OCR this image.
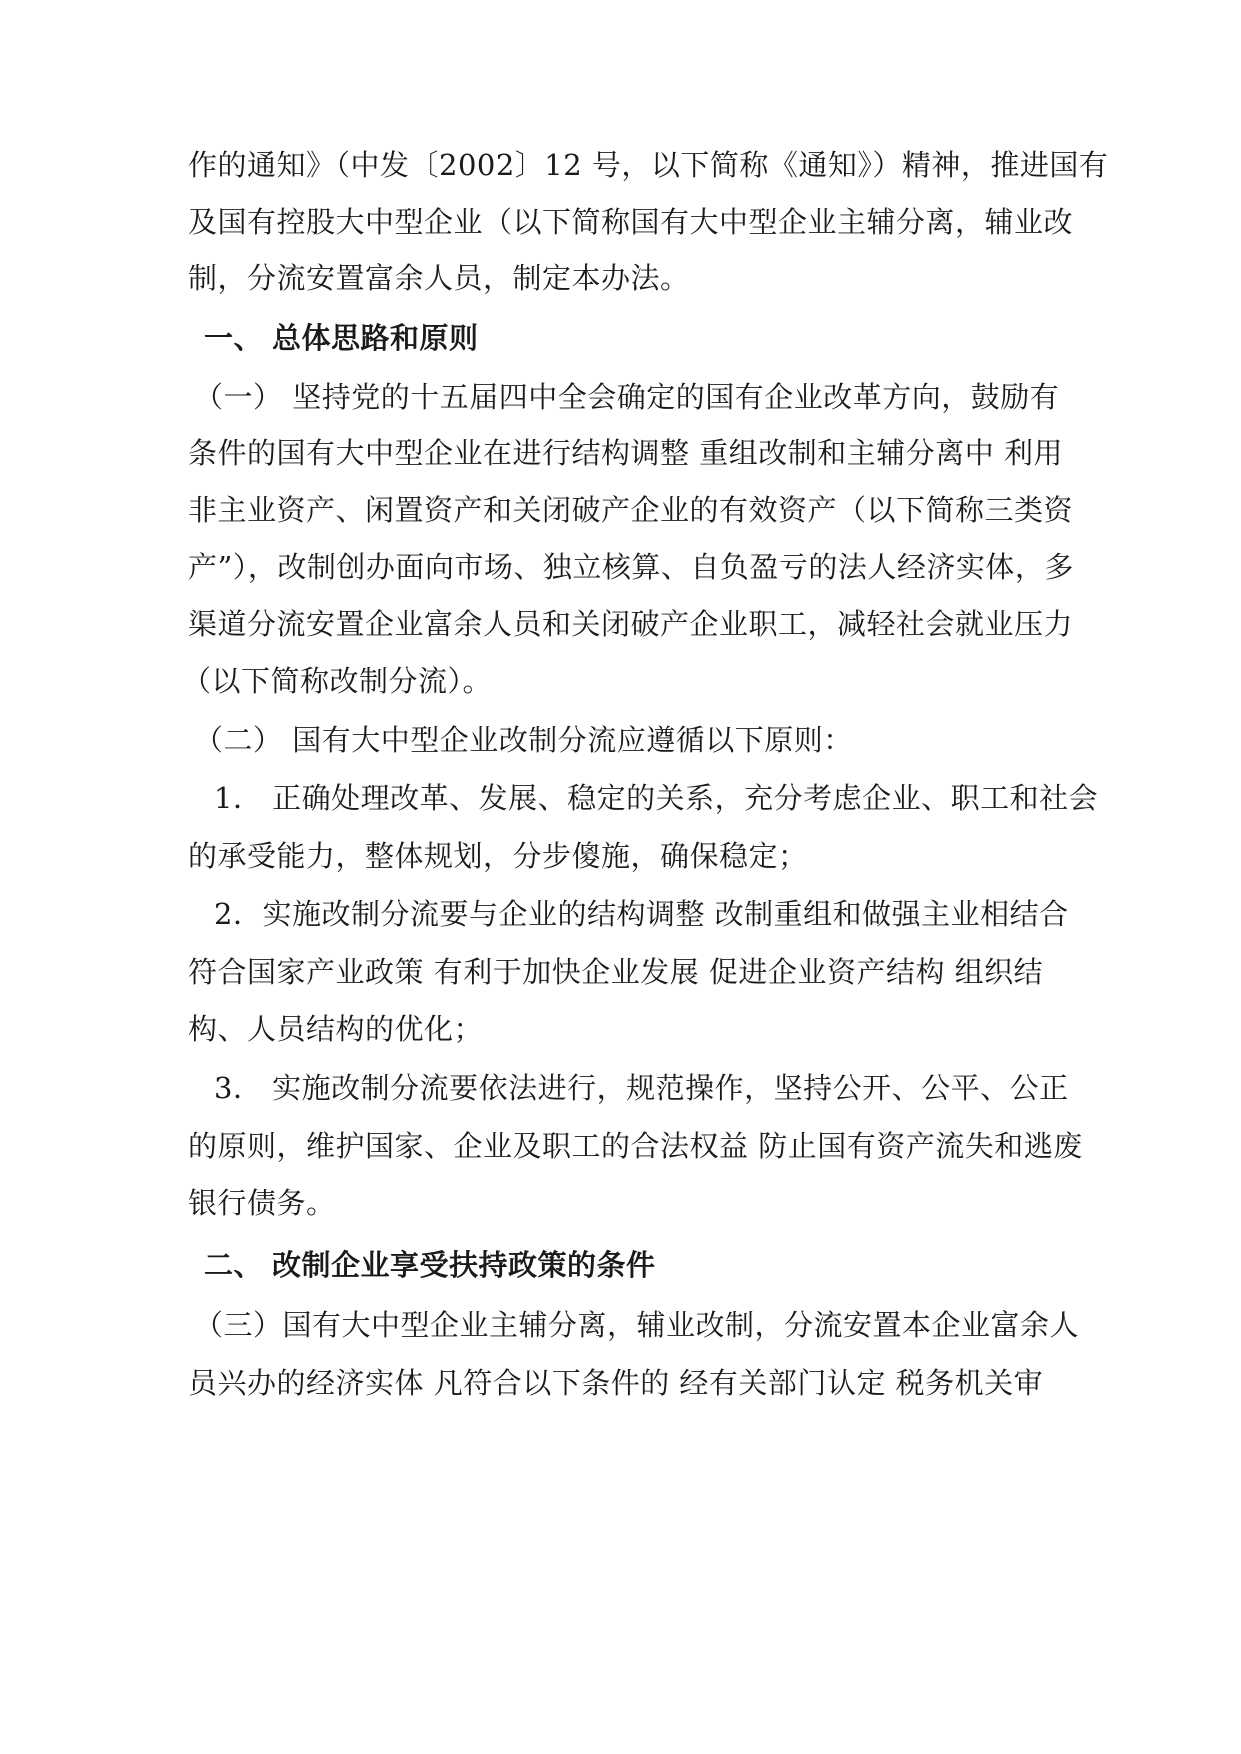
作的通知》（中发〔2002〕12 号，以下简称《通知》）精神，推进国有
及国有控股大中型企业（以下简称国有大中型企业主辅分离，辅业改
制，分流安置富余人员，制定本办法。
一、 总体思路和原则
（一） 坚持党的十五届四中全会确定的国有企业改革方向，鼓励有
条件的国有大中型企业在进行结构调整 重组改制和主辅分离中 利用
非主业资产、闲置资产和关闭破产企业的有效资产（以下简称三类资
产”），改制创办面向市场、独立核算、自负盈亏的法人经济实体，多
渠道分流安置企业富余人员和关闭破产企业职工，减轻社会就业压力
（以下简称改制分流）。
（二） 国有大中型企业改制分流应遵循以下原则：
1． 正确处理改革、发展、稳定的关系，充分考虑企业、职工和社会
的承受能力，整体规划，分步傻施，确保稳定；
2．实施改制分流要与企业的结构调整 改制重组和做强主业相结合
符合国家产业政策 有利于加快企业发展 促进企业资产结构 组织结
构、人员结构的优化；
3． 实施改制分流要依法进行，规范操作，坚持公开、公平、公正
的原则，维护国家、企业及职工的合法权益 防止国有资产流失和逃废
银行债务。
二、 改制企业享受扶持政策的条件
（三）国有大中型企业主辅分离，辅业改制，分流安置本企业富余人
员兴办的经济实体 凡符合以下条件的 经有关部门认定 税务机关审
